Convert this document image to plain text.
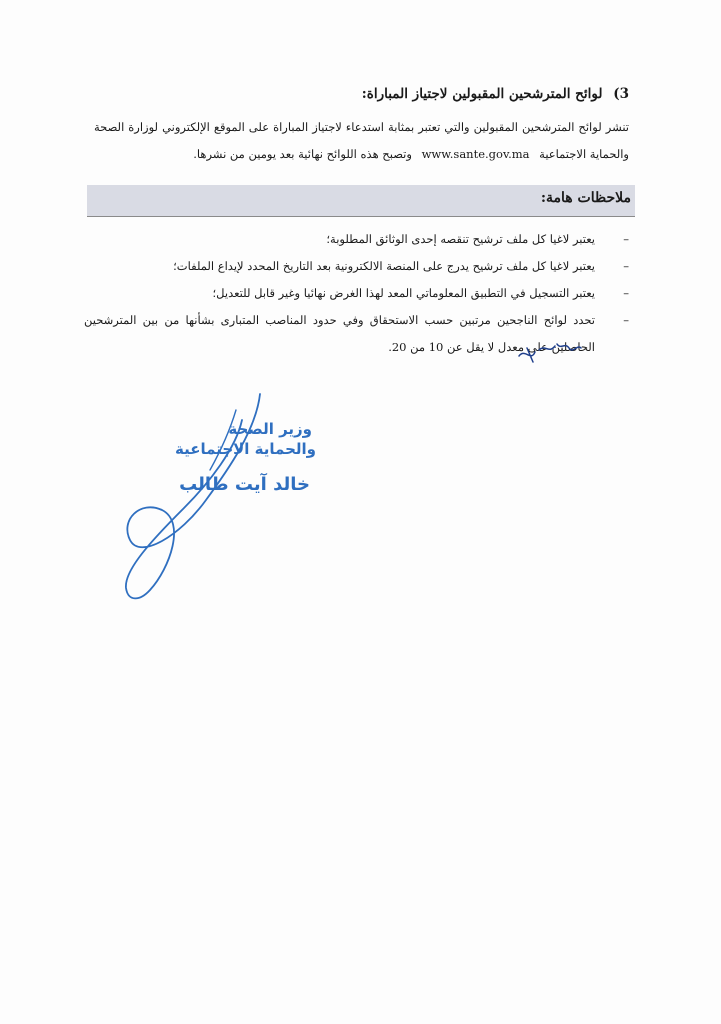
3) لوائح المترشحين المقبولين لاجتياز المباراة:
تنشر لوائح المترشحين المقبولين والتي تعتبر بمثابة استدعاء لاجتياز المباراة على الموقع الإلكتروني لوزارة الصحة والحماية الاجتماعية www.sante.gov.ma وتصبح هذه اللوائح نهائية بعد يومين من نشرها.
ملاحظات هامة:
–
يعتبر لاغيا كل ملف ترشيح تنقصه إحدى الوثائق المطلوبة؛
–
يعتبر لاغيا كل ملف ترشيح يدرج على المنصة الالكترونية بعد التاريخ المحدد لإيداع الملفات؛
–
يعتبر التسجيل في التطبيق المعلوماتي المعد لهذا الغرض نهائيا وغير قابل للتعديل؛
–
تحدد لوائح الناجحين مرتبين حسب الاستحقاق وفي حدود المناصب المتبارى بشأنها من بين المترشحين الحاصلين على معدل لا يقل عن 10 من 20.
وزير الصحة
والحماية الاجتماعية
خالد آيت طالب
